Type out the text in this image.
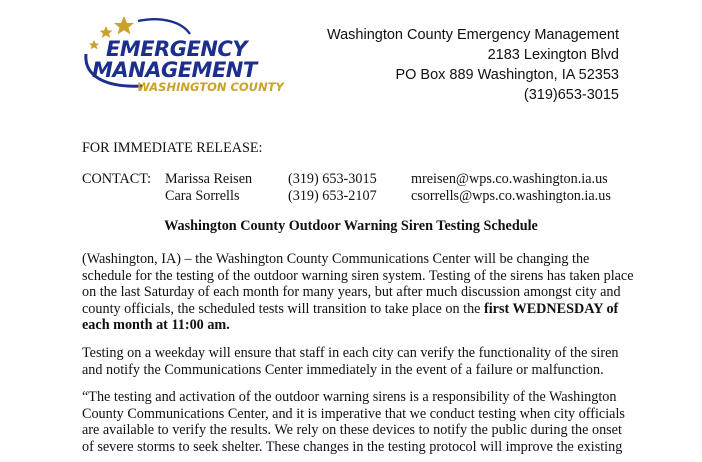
EMERGENCY
MANAGEMENT
WASHINGTON COUNTY
Washington County Emergency Management
2183 Lexington Blvd
PO Box 889 Washington, IA 52353
(319)653-3015
FOR IMMEDIATE RELEASE:
CONTACT: Marissa Reisen	(319) 653-3015 mreisen@wps.co.washington.ia.us
Cara Sorrells	(319) 653-2107 csorrells@wps.co.washington.ia.us
Washington County Outdoor Warning Siren Testing Schedule
(Washington, IA) – the Washington County Communications Center will be changing the
schedule for the testing of the outdoor warning siren system. Testing of the sirens has taken place
on the last Saturday of each month for many years, but after much discussion amongst city and
county officials, the scheduled tests will transition to take place on the first WEDNESDAY of
each month at 11:00 am.
Testing on a weekday will ensure that staff in each city can verify the functionality of the siren
and notify the Communications Center immediately in the event of a failure or malfunction.
“The testing and activation of the outdoor warning sirens is a responsibility of the Washington
County Communications Center, and it is imperative that we conduct testing when city officials
are available to verify the results. We rely on these devices to notify the public during the onset
of severe storms to seek shelter. These changes in the testing protocol will improve the existing
